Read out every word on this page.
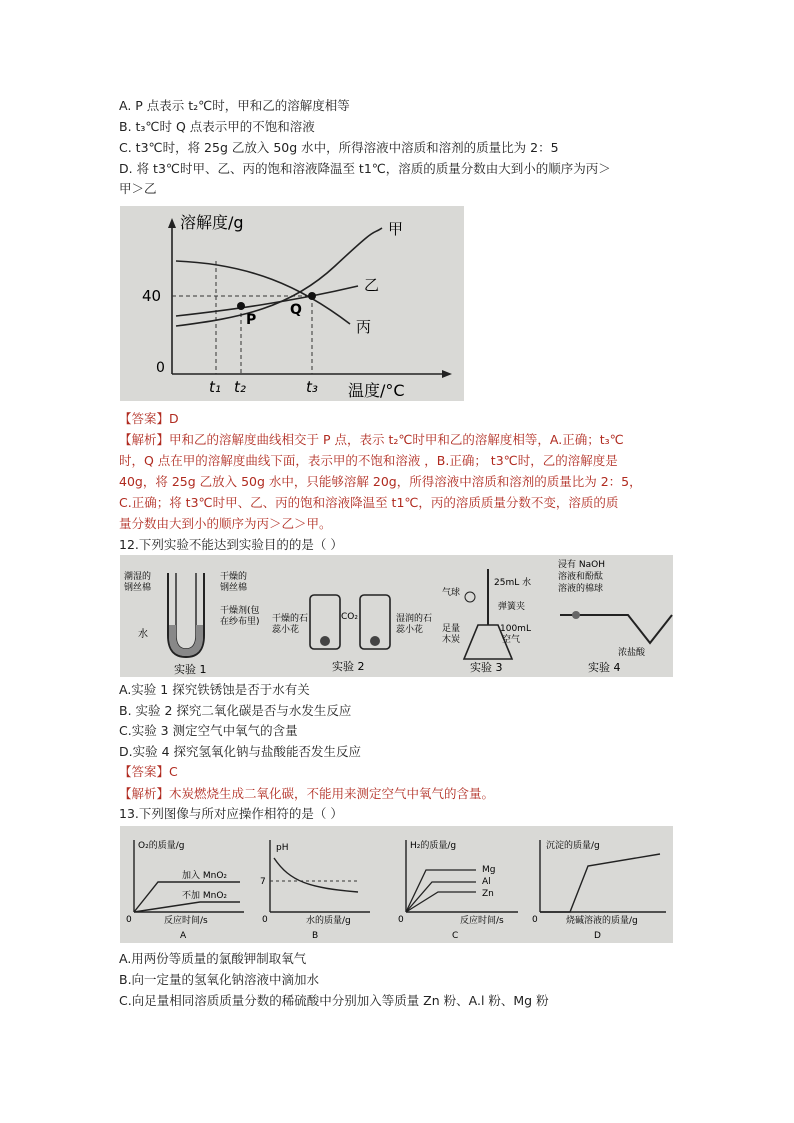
A. P 点表示 t₂℃时，甲和乙的溶解度相等
B. t₃℃时 Q 点表示甲的不饱和溶液
C. t3℃时，将 25g 乙放入 50g 水中，所得溶液中溶质和溶剂的质量比为 2：5
D. 将 t3℃时甲、乙、丙的饱和溶液降温至 t1℃，溶质的质量分数由大到小的顺序为丙＞
甲＞乙
溶解度/g
温度/°C
40
0
t₁ t₂	t₃
甲
乙
丙
P
Q
【答案】D
【解析】甲和乙的溶解度曲线相交于 P 点，表示 t₂℃时甲和乙的溶解度相等，A.正确；t₃℃
时，Q 点在甲的溶解度曲线下面，表示甲的不饱和溶液 ，B.正确； t3℃时，乙的溶解度是
40g，将 25g 乙放入 50g 水中，只能够溶解 20g，所得溶液中溶质和溶剂的质量比为 2：5，
C.正确；将 t3℃时甲、乙、丙的饱和溶液降温至 t1℃，丙的溶质质量分数不变，溶质的质
量分数由大到小的顺序为丙＞乙＞甲。
12.下列实验不能达到实验目的的是（ ）
潮湿的
钢丝棉
干燥的
钢丝棉
干燥剂(包
在纱布里)
水
实验 1
干燥的石
蕊小花
CO₂	湿润的石
蕊小花
实验 2
气球
25mL 水
弹簧夹
100mL
空气
足量
木炭
实验 3
浸有 NaOH
溶液和酚酞
溶液的棉球
浓盐酸
实验 4
A.实验 1 探究铁锈蚀是否于水有关
B. 实验 2 探究二氧化碳是否与水发生反应
C.实验 3 测定空气中氧气的含量
D.实验 4 探究氢氧化钠与盐酸能否发生反应
【答案】C
【解析】木炭燃烧生成二氧化碳，不能用来测定空气中氧气的含量。
13.下列图像与所对应操作相符的是（ ）
O₂的质量/g
加入 MnO₂
不加 MnO₂
0	反应时间/s
A
pH
7
0	水的质量/g
B
H₂的质量/g
Mg
Al
Zn
0	反应时间/s
C
沉淀的质量/g
0	烧碱溶液的质量/g
D
A.用两份等质量的氯酸钾制取氧气
B.向一定量的氢氧化钠溶液中滴加水
C.向足量相同溶质质量分数的稀硫酸中分别加入等质量 Zn 粉、A.l 粉、Mg 粉
